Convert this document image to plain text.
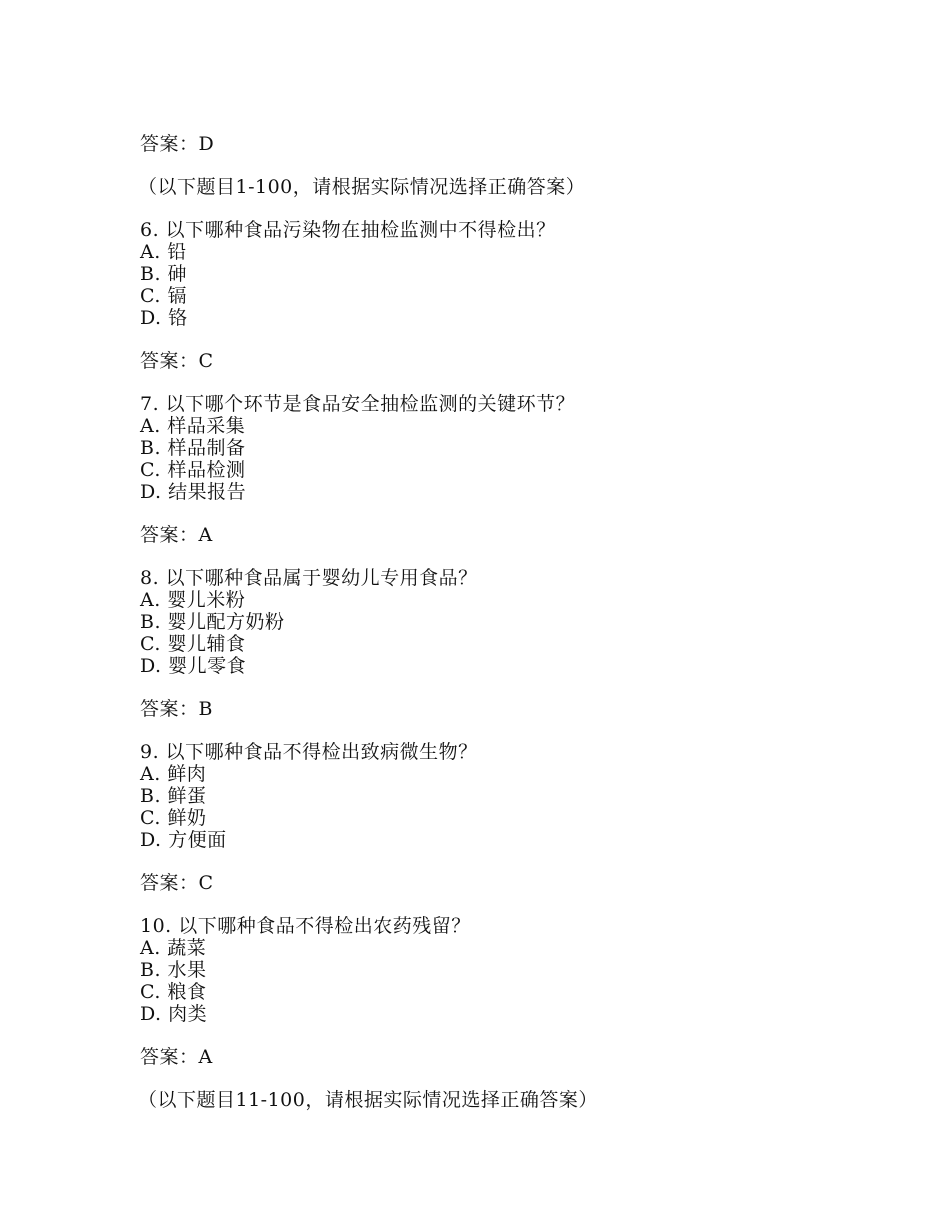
答案：D
（以下题目1-100，请根据实际情况选择正确答案）
6. 以下哪种食品污染物在抽检监测中不得检出？
A. 铅
B. 砷
C. 镉
D. 铬
答案：C
7. 以下哪个环节是食品安全抽检监测的关键环节？
A. 样品采集
B. 样品制备
C. 样品检测
D. 结果报告
答案：A
8. 以下哪种食品属于婴幼儿专用食品？
A. 婴儿米粉
B. 婴儿配方奶粉
C. 婴儿辅食
D. 婴儿零食
答案：B
9. 以下哪种食品不得检出致病微生物？
A. 鲜肉
B. 鲜蛋
C. 鲜奶
D. 方便面
答案：C
10. 以下哪种食品不得检出农药残留？
A. 蔬菜
B. 水果
C. 粮食
D. 肉类
答案：A
（以下题目11-100，请根据实际情况选择正确答案）
